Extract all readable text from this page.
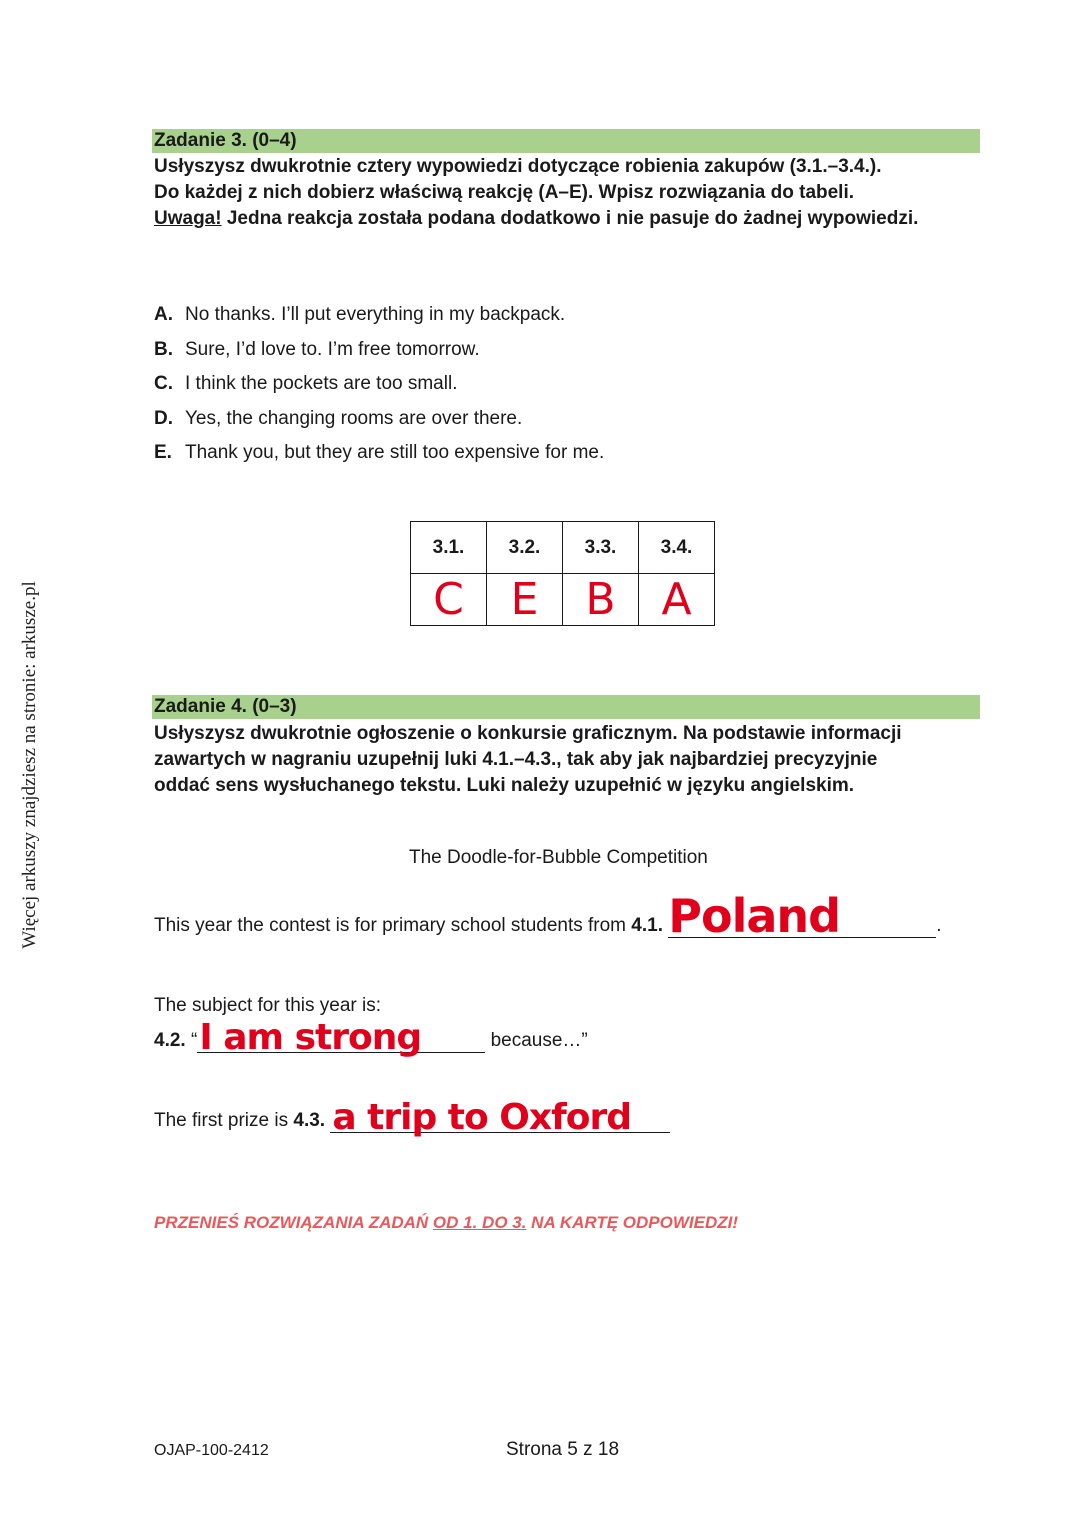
Więcej arkuszy znajdziesz na stronie: arkusze.pl
Zadanie 3. (0–4)

Usłyszysz dwukrotnie cztery wypowiedzi dotyczące robienia zakupów (3.1.–3.4.).

Do każdej z nich dobierz właściwą reakcję (A–E). Wpisz rozwiązania do tabeli.

Uwaga! Jedna reakcja została podana dodatkowo i nie pasuje do żadnej wypowiedzi.

A. No thanks. I’ll put everything in my backpack.
B. Sure, I’d love to. I’m free tomorrow.
C. I think the pockets are too small.
D. Yes, the changing rooms are over there.
E. Thank you, but they are still too expensive for me.
3.1.	3.2.	3.3.	3.4.
C	E	B	A
Zadanie 4. (0–3)

Usłyszysz dwukrotnie ogłoszenie o konkursie graficznym. Na podstawie informacji

zawartych w nagraniu uzupełnij luki 4.1.–4.3., tak aby jak najbardziej precyzyjnie

oddać sens wysłuchanego tekstu. Luki należy uzupełnić w języku angielskim.

The Doodle-for-Bubble Competition
This year the contest is for primary school students from 4.1. Poland	.
The subject for this year is:
4.2. “ I am strong	because…”
The first prize is 4.3. a trip to Oxford

PRZENIEŚ ROZWIĄZANIA ZADAŃ OD 1. DO 3. NA KARTĘ ODPOWIEDZI!
OJAP-100-2412	Strona 5 z 18
